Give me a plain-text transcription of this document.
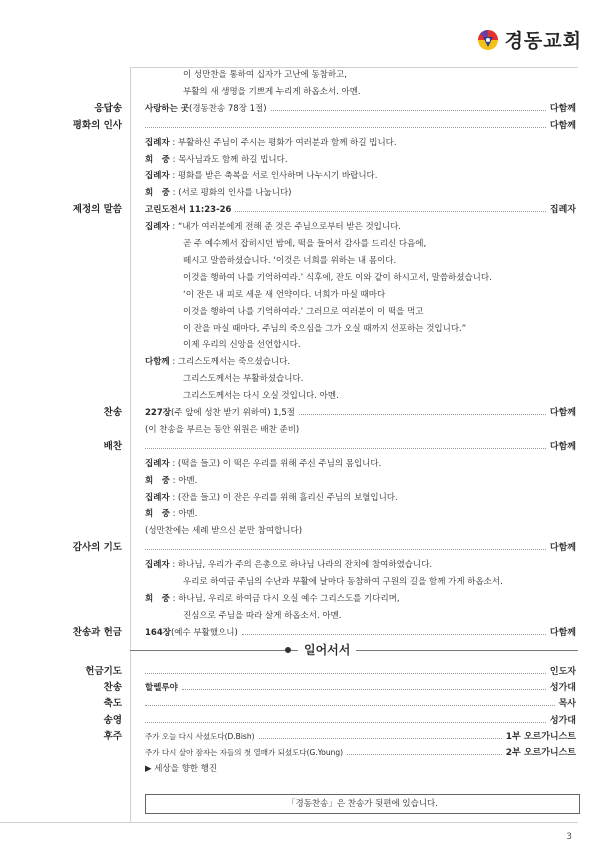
경동교회
이 성만찬을 통하여 십자가 고난에 동참하고,
부활의 새 생명을 기쁘게 누리게 하옵소서. 아멘.
응답송	사랑하는 곳(경동찬송 78장 1절)	다함께
평화의 인사	다함께
집례자 : 부활하신 주님이 주시는 평화가 여러분과 함께 하길 빕니다.
회　중 : 목사님과도 함께 하길 빕니다.
집례자 : 평화를 받은 축복을 서로 인사하며 나누시기 바랍니다.
회　중 : (서로 평화의 인사를 나눕니다)
제정의 말씀	고린도전서 11:23-26	집례자
집례자 : “내가 여러분에게 전해 준 것은 주님으로부터 받은 것입니다.
곧 주 예수께서 잡히시던 밤에, 떡을 들어서 감사를 드리신 다음에,
떼시고 말씀하셨습니다. ‘이것은 너희를 위하는 내 몸이다.
이것을 행하여 나를 기억하여라.’ 식후에, 잔도 이와 같이 하시고서, 말씀하셨습니다.
‘이 잔은 내 피로 세운 새 언약이다. 너희가 마실 때마다
이것을 행하여 나를 기억하여라.’ 그러므로 여러분이 이 떡을 먹고
이 잔을 마실 때마다, 주님의 죽으심을 그가 오실 때까지 선포하는 것입니다.”
이제 우리의 신앙을 선언합시다.
다함께 : 그리스도께서는 죽으셨습니다.
그리스도께서는 부활하셨습니다.
그리스도께서는 다시 오실 것입니다. 아멘.
찬송	227장(주 앞에 성찬 받기 위하여) 1,5절	다함께
(이 찬송을 부르는 동안 위원은 배찬 준비)
배찬	다함께
집례자 : (떡을 들고) 이 떡은 우리를 위해 주신 주님의 몸입니다.
회　중 : 아멘.
집례자 : (잔을 들고) 이 잔은 우리를 위해 흘리신 주님의 보혈입니다.
회　중 : 아멘.
(성만찬에는 세례 받으신 분만 참여합니다)
감사의 기도	다함께
집례자 : 하나님, 우리가 주의 은총으로 하나님 나라의 잔치에 참여하였습니다.
우리로 하여금 주님의 수난과 부활에 날마다 동참하여 구원의 길을 함께 가게 하옵소서.
회　중 : 하나님, 우리로 하여금 다시 오실 예수 그리스도를 기다리며,
진심으로 주님을 따라 살게 하옵소서. 아멘.
찬송과 헌금	164장(예수 부활했으니)	다함께
일어서서
헌금기도	인도자
찬송	할렐루야	성가대
축도	목사
송영	성가대
후주	주가 오늘 다시 사셨도다(D.Bish)	1부 오르가니스트
주가 다시 살아 잠자는 자들의 첫 열매가 되셨도다(G.Young)	2부 오르가니스트
▶ 세상을 향한 행진
「경동찬송」은 찬송가 뒷편에 있습니다.
3
